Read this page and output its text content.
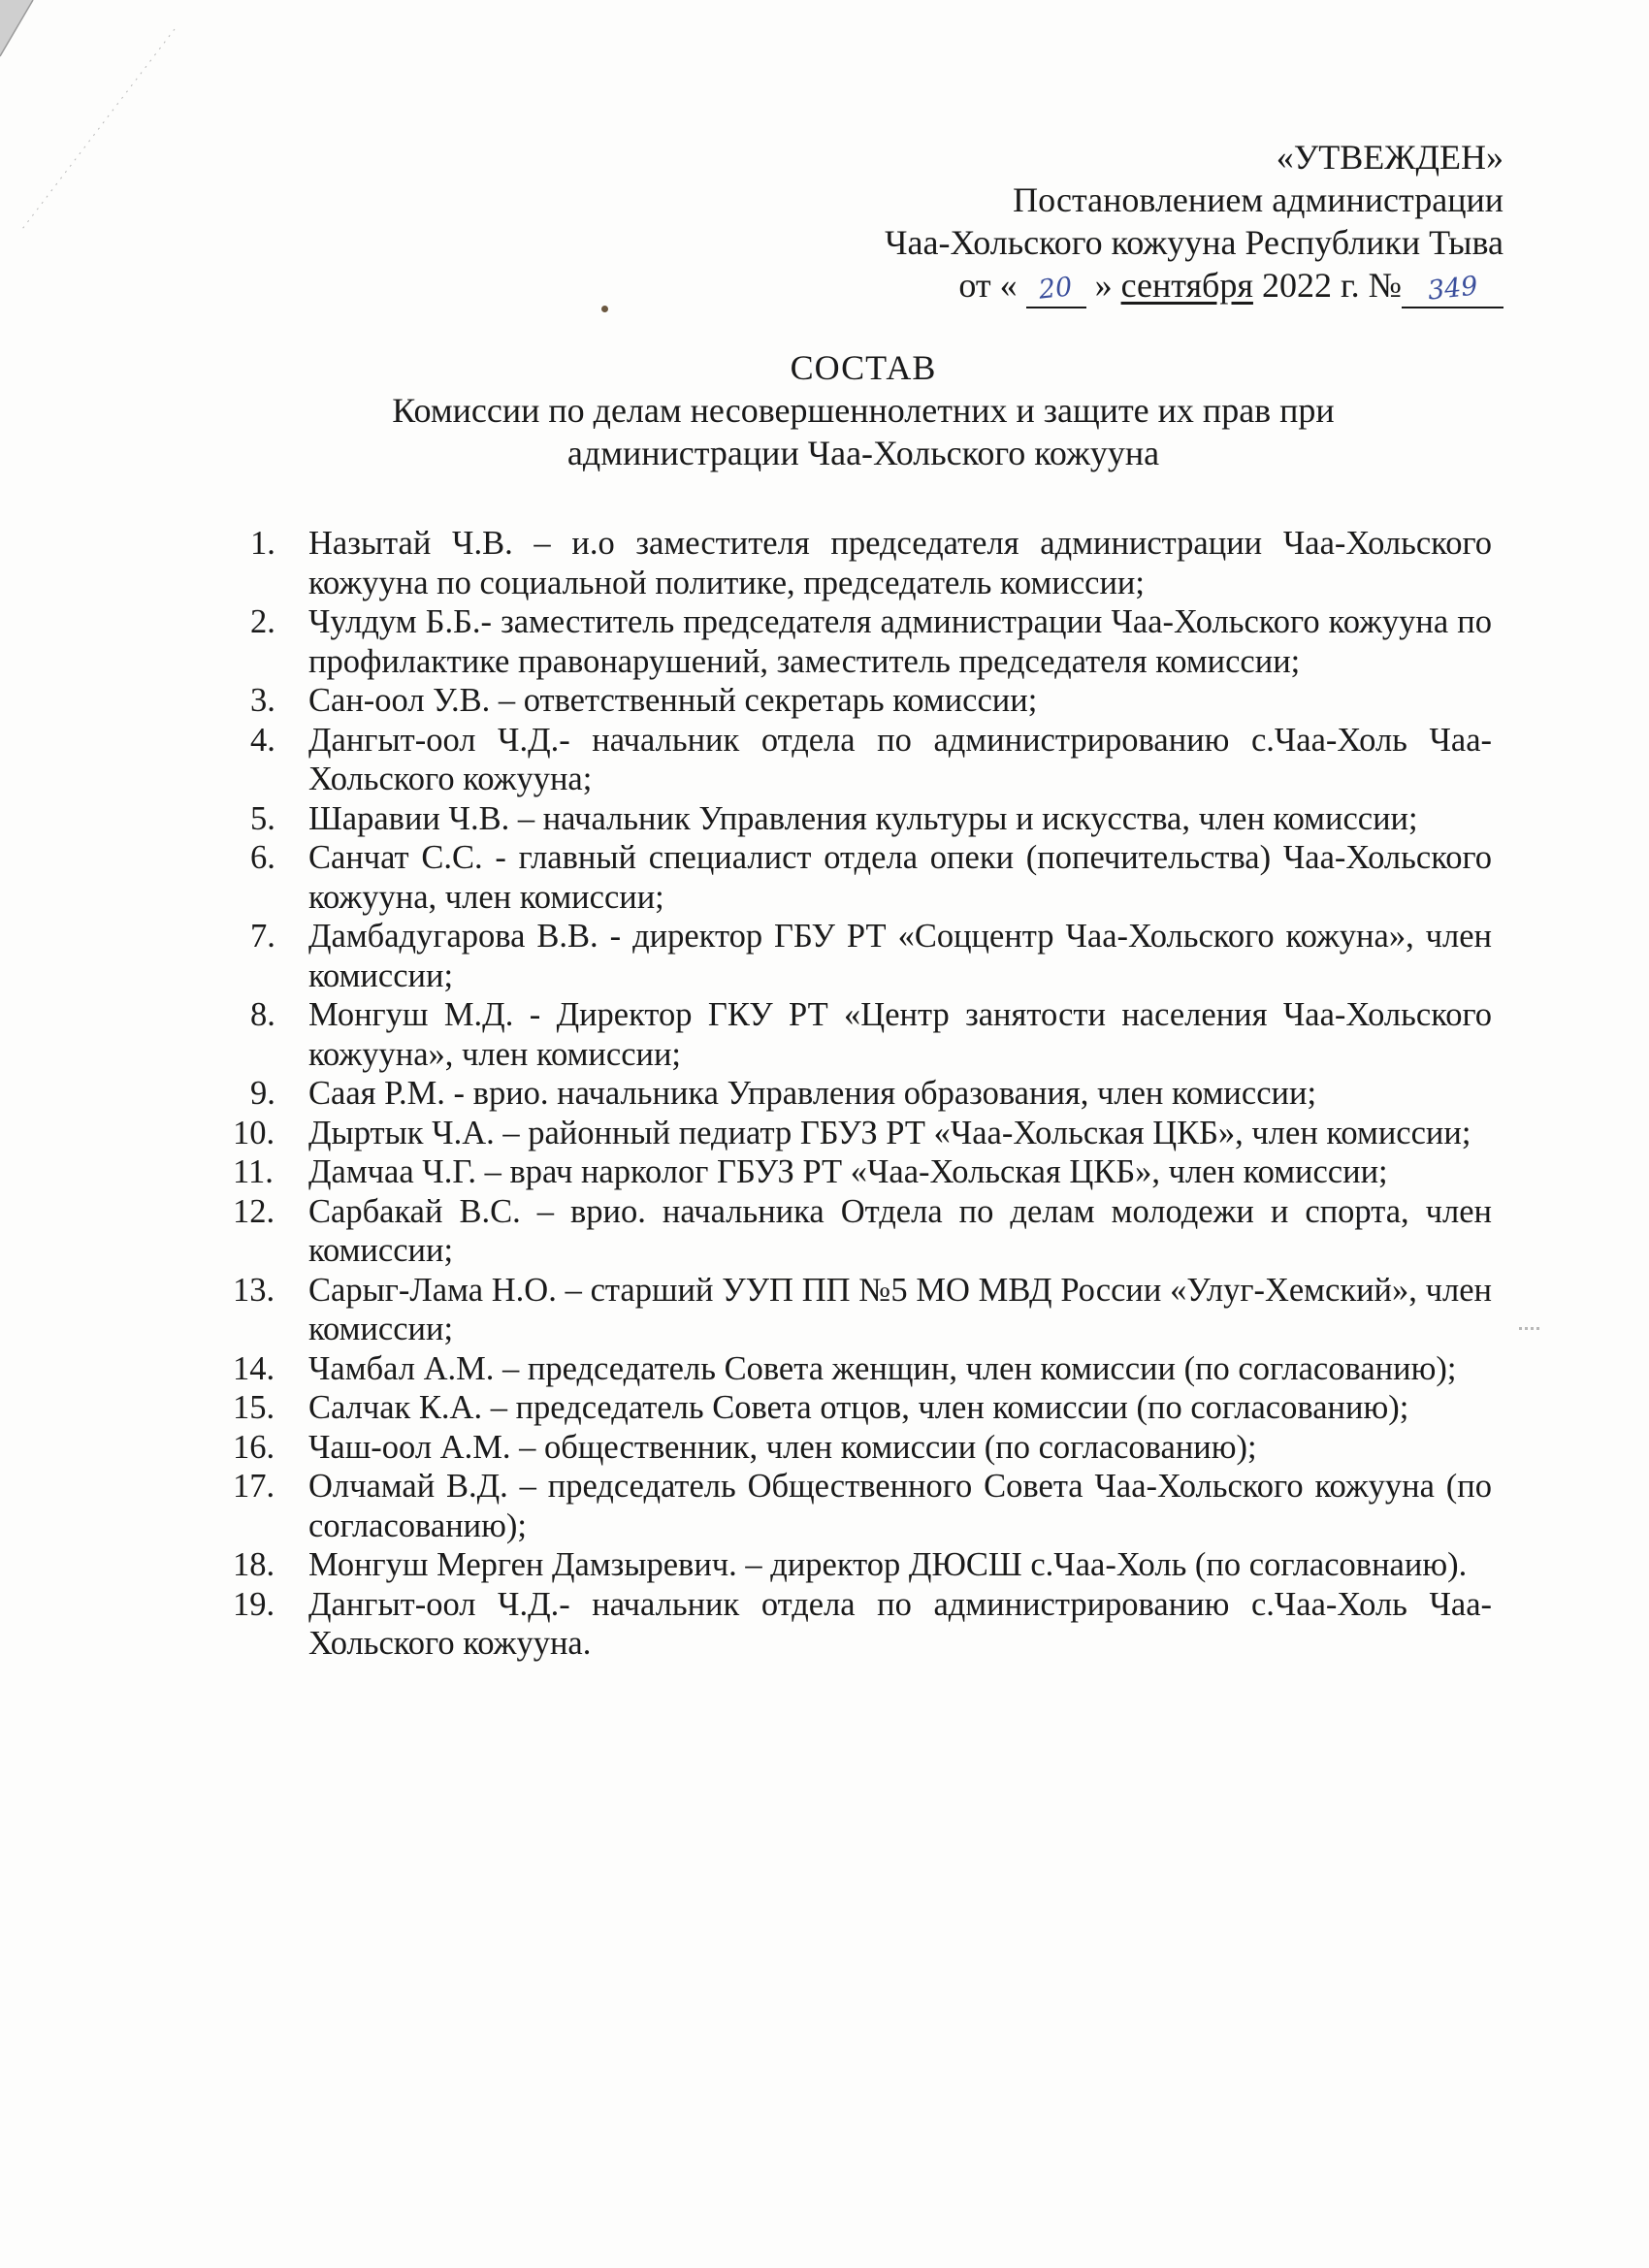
«УТВЕЖДЕН»
Постановлением администрации
Чаа-Хольского кожууна Республики Тыва
от « 20 » сентября 2022 г. № 349
СОСТАВ
Комиссии по делам несовершеннолетних и защите их прав при
администрации Чаа-Хольского кожууна
1. Назытай Ч.В. – и.о заместителя председателя администрации Чаа-Хольского кожууна по социальной политике, председатель комиссии;
2. Чулдум Б.Б.- заместитель председателя администрации Чаа-Хольского кожууна по профилактике правонарушений, заместитель председателя комиссии;
3. Сан-оол У.В. – ответственный секретарь комиссии;
4. Дангыт-оол Ч.Д.- начальник отдела по администрированию с.Чаа-Холь Чаа-Хольского кожууна;
5. Шаравии Ч.В. – начальник Управления культуры и искусства, член комиссии;
6. Санчат С.С. - главный специалист отдела опеки (попечительства) Чаа-Хольского кожууна, член комиссии;
7. Дамбадугарова В.В. - директор ГБУ РТ «Соццентр Чаа-Хольского кожуна», член комиссии;
8. Монгуш М.Д. - Директор ГКУ РТ «Центр занятости населения Чаа-Хольского кожууна», член комиссии;
9. Саая Р.М. - врио. начальника Управления образования, член комиссии;
10.	Дыртык Ч.А. – районный педиатр ГБУЗ РТ «Чаа-Хольская ЦКБ», член комиссии;
11.	Дамчаа Ч.Г. – врач нарколог ГБУЗ РТ «Чаа-Хольская ЦКБ», член комиссии;
12.	Сарбакай В.С. – врио. начальника Отдела по делам молодежи и спорта, член комиссии;
13.	Сарыг-Лама Н.О. – старший УУП ПП №5 МО МВД России «Улуг-Хемский», член комиссии;
14.	Чамбал А.М. – председатель Совета женщин, член комиссии (по согласованию);
15.	Салчак К.А. – председатель Совета отцов, член комиссии (по согласованию);
16.	Чаш-оол А.М. – общественник, член комиссии (по согласованию);
17.	Олчамай В.Д. – председатель Общественного Совета Чаа-Хольского кожууна (по согласованию);
18.	Монгуш Мерген Дамзыревич. – директор ДЮСШ с.Чаа-Холь (по согласовнаию).
19.	Дангыт-оол Ч.Д.- начальник отдела по администрированию с.Чаа-Холь Чаа-Хольского кожууна.
